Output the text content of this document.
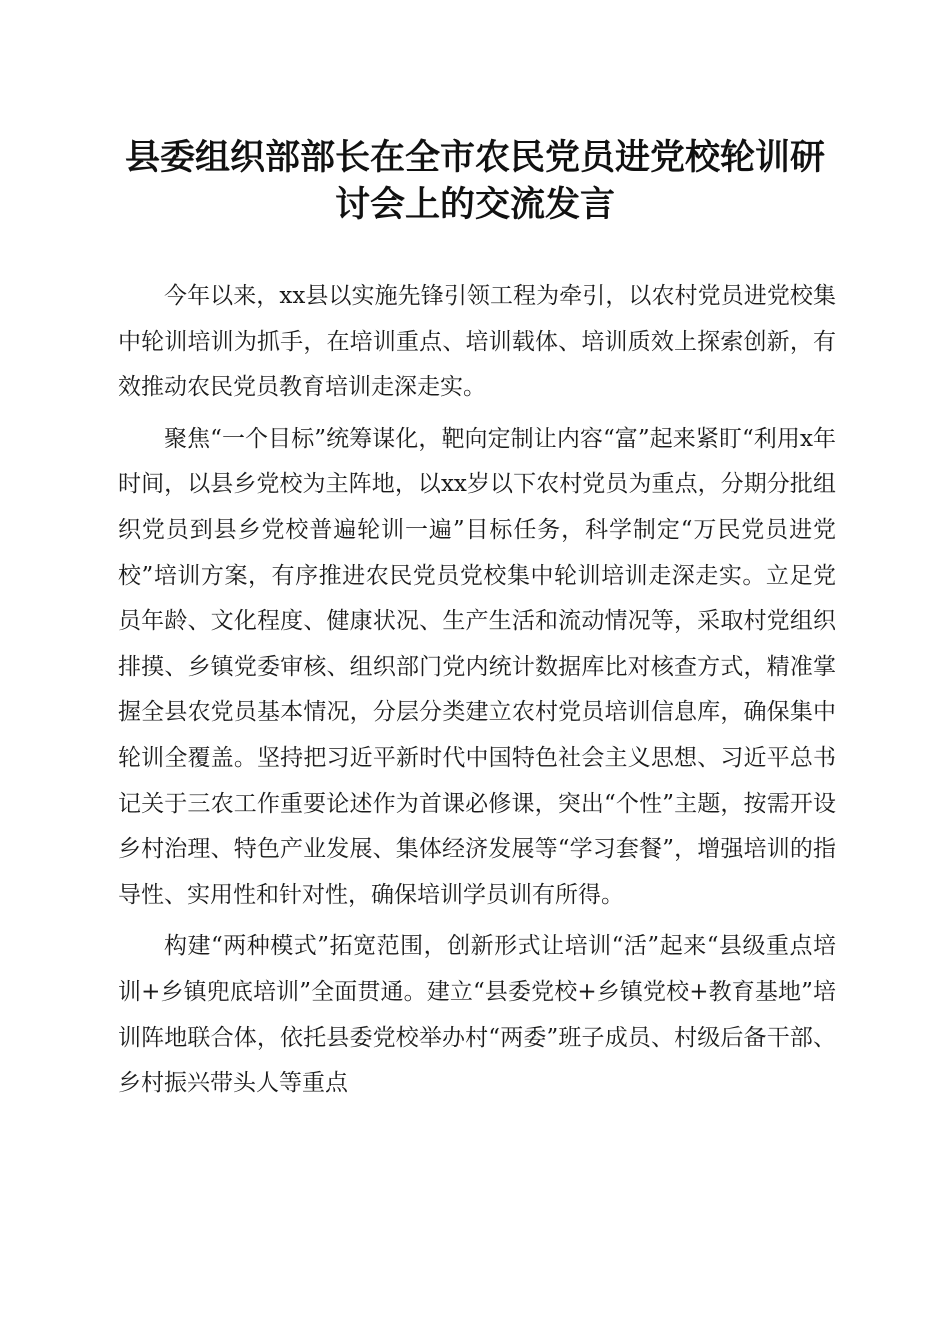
县委组织部部长在全市农民党员进党校轮训研
讨会上的交流发言

今年以来，xx县以实施先锋引领工程为牵引，以农村党员进党校集中轮训培训为抓手，在培训重点、培训载体、培训质效上探索创新，有效推动农民党员教育培训走深走实。

聚焦“一个目标”统筹谋化，靶向定制让内容“富”起来紧盯“利用x年时间，以县乡党校为主阵地，以xx岁以下农村党员为重点，分期分批组织党员到县乡党校普遍轮训一遍”目标任务，科学制定“万民党员进党校”培训方案，有序推进农民党员党校集中轮训培训走深走实。立足党员年龄、文化程度、健康状况、生产生活和流动情况等，采取村党组织排摸、乡镇党委审核、组织部门党内统计数据库比对核查方式，精准掌握全县农党员基本情况，分层分类建立农村党员培训信息库，确保集中轮训全覆盖。坚持把习近平新时代中国特色社会主义思想、习近平总书记关于三农工作重要论述作为首课必修课，突出“个性”主题，按需开设乡村治理、特色产业发展、集体经济发展等“学习套餐”，增强培训的指导性、实用性和针对性，确保培训学员训有所得。

构建“两种模式”拓宽范围，创新形式让培训“活”起来“县级重点培训+乡镇兜底培训”全面贯通。建立“县委党校+乡镇党校+教育基地”培训阵地联合体，依托县委党校举办村“两委”班子成员、村级后备干部、乡村振兴带头人等重点
